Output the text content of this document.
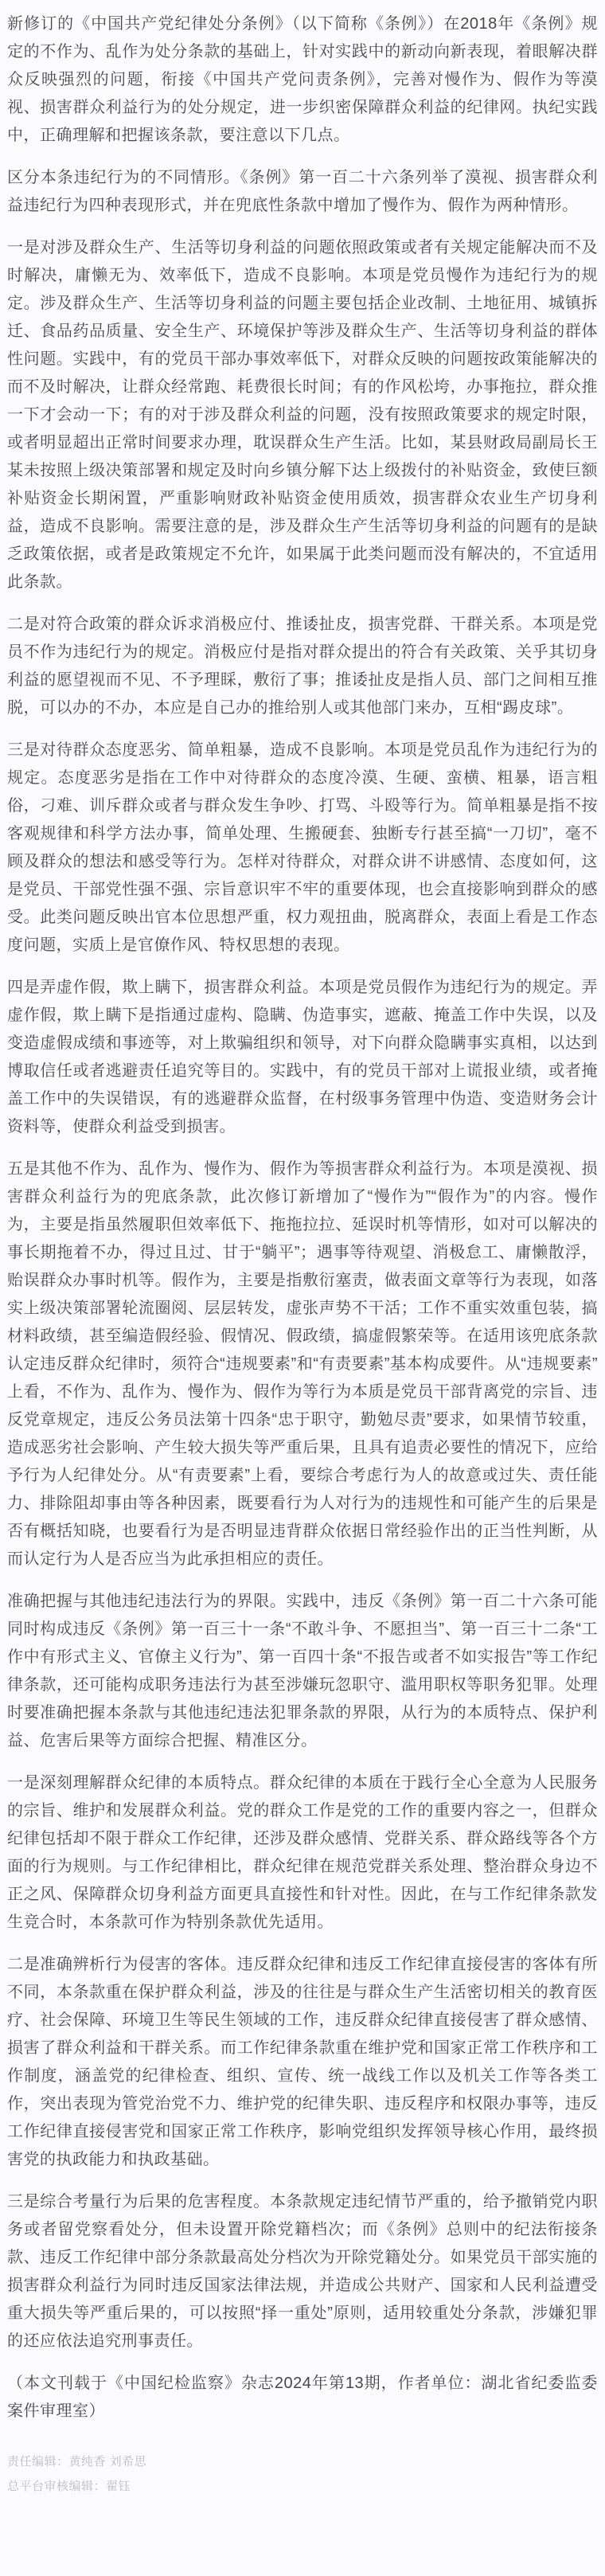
新修订的《中国共产党纪律处分条例》（以下简称《条例》）在2018年《条例》规定的不作为、乱作为处分条款的基础上，针对实践中的新动向新表现，着眼解决群众反映强烈的问题，衔接《中国共产党问责条例》，完善对慢作为、假作为等漠视、损害群众利益行为的处分规定，进一步织密保障群众利益的纪律网。执纪实践中，正确理解和把握该条款，要注意以下几点。

区分本条违纪行为的不同情形。《条例》第一百二十六条列举了漠视、损害群众利益违纪行为四种表现形式，并在兜底性条款中增加了慢作为、假作为两种情形。

一是对涉及群众生产、生活等切身利益的问题依照政策或者有关规定能解决而不及时解决，庸懒无为、效率低下，造成不良影响。本项是党员慢作为违纪行为的规定。涉及群众生产、生活等切身利益的问题主要包括企业改制、土地征用、城镇拆迁、食品药品质量、安全生产、环境保护等涉及群众生产、生活等切身利益的群体性问题。实践中，有的党员干部办事效率低下，对群众反映的问题按政策能解决的而不及时解决，让群众经常跑、耗费很长时间；有的作风松垮，办事拖拉，群众推一下才会动一下；有的对于涉及群众利益的问题，没有按照政策要求的规定时限，或者明显超出正常时间要求办理，耽误群众生产生活。比如，某县财政局副局长王某未按照上级决策部署和规定及时向乡镇分解下达上级拨付的补贴资金，致使巨额补贴资金长期闲置，严重影响财政补贴资金使用质效，损害群众农业生产切身利益，造成不良影响。需要注意的是，涉及群众生产生活等切身利益的问题有的是缺乏政策依据，或者是政策规定不允许，如果属于此类问题而没有解决的，不宜适用此条款。

二是对符合政策的群众诉求消极应付、推诿扯皮，损害党群、干群关系。本项是党员不作为违纪行为的规定。消极应付是指对群众提出的符合有关政策、关乎其切身利益的愿望视而不见、不予理睬，敷衍了事；推诿扯皮是指人员、部门之间相互推脱，可以办的不办，本应是自己办的推给别人或其他部门来办，互相“踢皮球”。

三是对待群众态度恶劣、简单粗暴，造成不良影响。本项是党员乱作为违纪行为的规定。态度恶劣是指在工作中对待群众的态度冷漠、生硬、蛮横、粗暴，语言粗俗，刁难、训斥群众或者与群众发生争吵、打骂、斗殴等行为。简单粗暴是指不按客观规律和科学方法办事，简单处理、生搬硬套、独断专行甚至搞“一刀切”，毫不顾及群众的想法和感受等行为。怎样对待群众，对群众讲不讲感情、态度如何，这是党员、干部党性强不强、宗旨意识牢不牢的重要体现，也会直接影响到群众的感受。此类问题反映出官本位思想严重，权力观扭曲，脱离群众，表面上看是工作态度问题，实质上是官僚作风、特权思想的表现。

四是弄虚作假，欺上瞒下，损害群众利益。本项是党员假作为违纪行为的规定。弄虚作假，欺上瞒下是指通过虚构、隐瞒、伪造事实，遮蔽、掩盖工作中失误，以及变造虚假成绩和事迹等，对上欺骗组织和领导，对下向群众隐瞒事实真相，以达到博取信任或者逃避责任追究等目的。实践中，有的党员干部对上谎报业绩，或者掩盖工作中的失误错误，有的逃避群众监督，在村级事务管理中伪造、变造财务会计资料等，使群众利益受到损害。

五是其他不作为、乱作为、慢作为、假作为等损害群众利益行为。本项是漠视、损害群众利益行为的兜底条款，此次修订新增加了“慢作为”“假作为”的内容。慢作为，主要是指虽然履职但效率低下、拖拖拉拉、延误时机等情形，如对可以解决的事长期拖着不办，得过且过、甘于“躺平”；遇事等待观望、消极怠工、庸懒散浮，贻误群众办事时机等。假作为，主要是指敷衍塞责，做表面文章等行为表现，如落实上级决策部署轮流圈阅、层层转发，虚张声势不干活；工作不重实效重包装，搞材料政绩，甚至编造假经验、假情况、假政绩，搞虚假繁荣等。在适用该兜底条款认定违反群众纪律时，须符合“违规要素”和“有责要素”基本构成要件。从“违规要素”上看，不作为、乱作为、慢作为、假作为等行为本质是党员干部背离党的宗旨、违反党章规定，违反公务员法第十四条“忠于职守，勤勉尽责”要求，如果情节较重，造成恶劣社会影响、产生较大损失等严重后果，且具有追责必要性的情况下，应给予行为人纪律处分。从“有责要素”上看，要综合考虑行为人的故意或过失、责任能力、排除阻却事由等各种因素，既要看行为人对行为的违规性和可能产生的后果是否有概括知晓，也要看行为是否明显违背群众依据日常经验作出的正当性判断，从而认定行为人是否应当为此承担相应的责任。

准确把握与其他违纪违法行为的界限。实践中，违反《条例》第一百二十六条可能同时构成违反《条例》第一百三十一条“不敢斗争、不愿担当”、第一百三十二条“工作中有形式主义、官僚主义行为”、第一百四十条“不报告或者不如实报告”等工作纪律条款，还可能构成职务违法行为甚至涉嫌玩忽职守、滥用职权等职务犯罪。处理时要准确把握本条款与其他违纪违法犯罪条款的界限，从行为的本质特点、保护利益、危害后果等方面综合把握、精准区分。

一是深刻理解群众纪律的本质特点。群众纪律的本质在于践行全心全意为人民服务的宗旨、维护和发展群众利益。党的群众工作是党的工作的重要内容之一，但群众纪律包括却不限于群众工作纪律，还涉及群众感情、党群关系、群众路线等各个方面的行为规则。与工作纪律相比，群众纪律在规范党群关系处理、整治群众身边不正之风、保障群众切身利益方面更具直接性和针对性。因此，在与工作纪律条款发生竞合时，本条款可作为特别条款优先适用。

二是准确辨析行为侵害的客体。违反群众纪律和违反工作纪律直接侵害的客体有所不同，本条款重在保护群众利益，涉及的往往是与群众生产生活密切相关的教育医疗、社会保障、环境卫生等民生领域的工作，违反群众纪律直接侵害了群众感情、损害了群众利益和干群关系。而工作纪律条款重在维护党和国家正常工作秩序和工作制度，涵盖党的纪律检查、组织、宣传、统一战线工作以及机关工作等各类工作，突出表现为管党治党不力、维护党的纪律失职、违反程序和权限办事等，违反工作纪律直接侵害党和国家正常工作秩序，影响党组织发挥领导核心作用，最终损害党的执政能力和执政基础。

三是综合考量行为后果的危害程度。本条款规定违纪情节严重的，给予撤销党内职务或者留党察看处分，但未设置开除党籍档次；而《条例》总则中的纪法衔接条款、违反工作纪律中部分条款最高处分档次为开除党籍处分。如果党员干部实施的损害群众利益行为同时违反国家法律法规，并造成公共财产、国家和人民利益遭受重大损失等严重后果的，可以按照“择一重处”原则，适用较重处分条款，涉嫌犯罪的还应依法追究刑事责任。

（本文刊载于《中国纪检监察》杂志2024年第13期，作者单位：湖北省纪委监委案件审理室）

责任编辑：黄纯香 刘希思

总平台审核编辑：翟钰
